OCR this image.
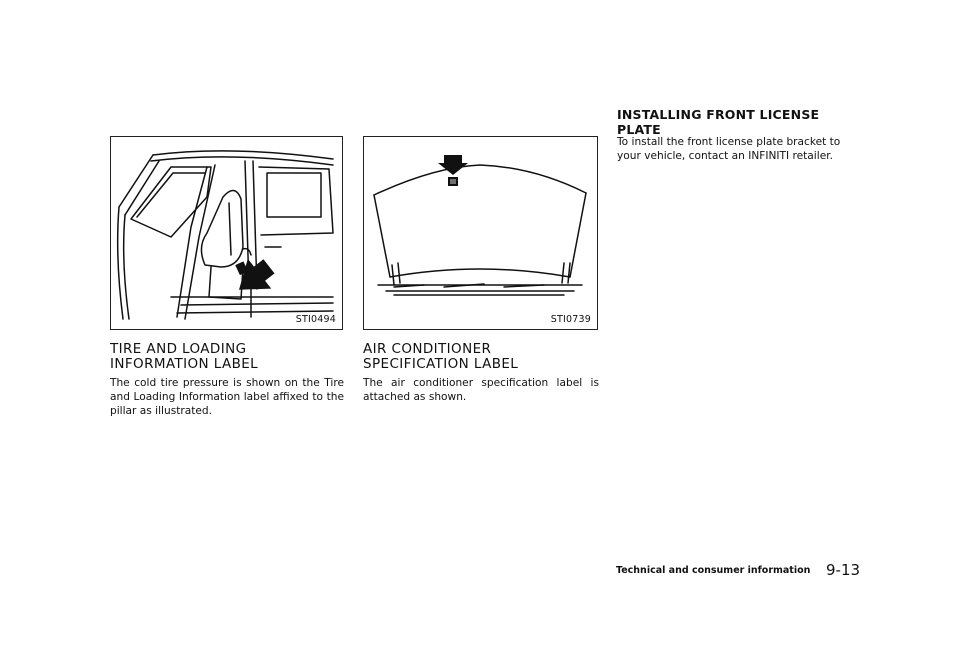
STI0494	STI0739
TIRE AND LOADING INFORMATION LABEL

The cold tire pressure is shown on the Tire and Loading Information label affixed to the pillar as illustrated.

AIR CONDITIONER SPECIFICATION LABEL

The air conditioner specification label is attached as shown.

INSTALLING FRONT LICENSE PLATE

To install the front license plate bracket to your vehicle, contact an INFINITI retailer.

Technical and consumer information 9-13
